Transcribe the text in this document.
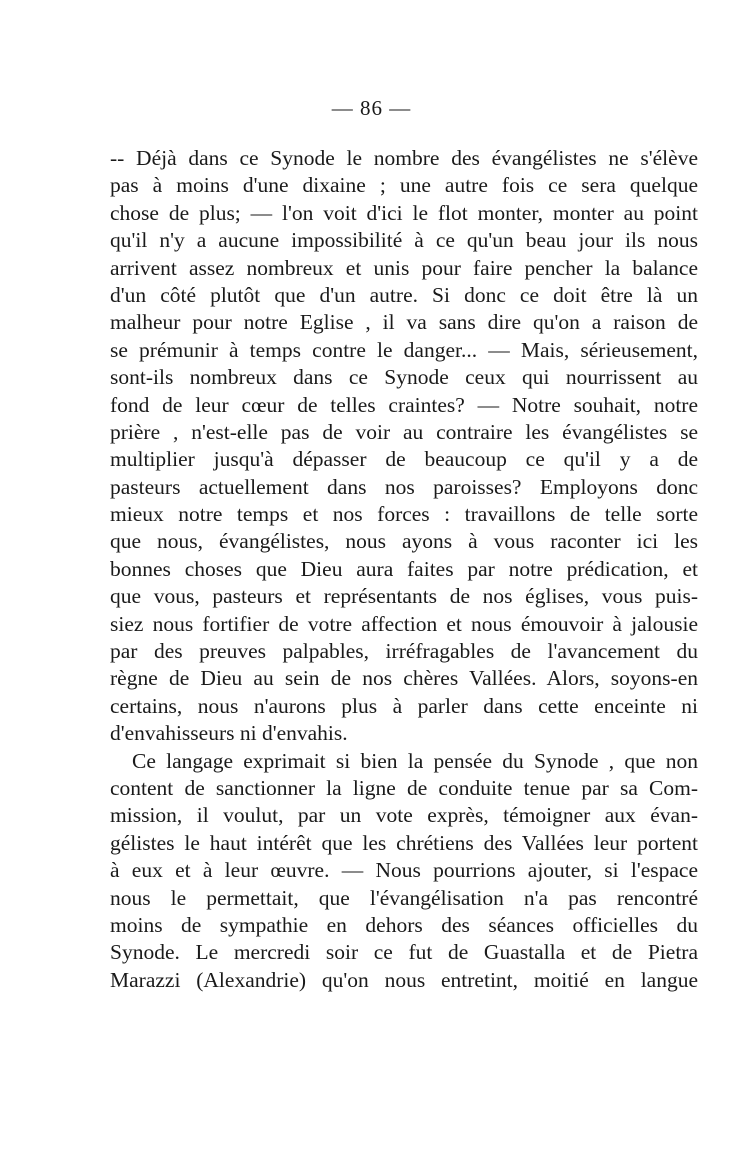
— 86 —
-- Déjà dans ce Synode le nombre des évangélistes ne s'élève
pas à moins d'une dixaine ; une autre fois ce sera quelque
chose de plus; — l'on voit d'ici le flot monter, monter au point
qu'il n'y a aucune impossibilité à ce qu'un beau jour ils nous
arrivent assez nombreux et unis pour faire pencher la balance
d'un côté plutôt que d'un autre. Si donc ce doit être là un
malheur pour notre Eglise , il va sans dire qu'on a raison de
se prémunir à temps contre le danger... — Mais, sérieusement,
sont-ils nombreux dans ce Synode ceux qui nourrissent au
fond de leur cœur de telles craintes? — Notre souhait, notre
prière , n'est-elle pas de voir au contraire les évangélistes se
multiplier jusqu'à dépasser de beaucoup ce qu'il y a de
pasteurs actuellement dans nos paroisses? Employons donc
mieux notre temps et nos forces : travaillons de telle sorte
que nous, évangélistes, nous ayons à vous raconter ici les
bonnes choses que Dieu aura faites par notre prédication, et
que vous, pasteurs et représentants de nos églises, vous puis-
siez nous fortifier de votre affection et nous émouvoir à jalousie
par des preuves palpables, irréfragables de l'avancement du
règne de Dieu au sein de nos chères Vallées. Alors, soyons-en
certains, nous n'aurons plus à parler dans cette enceinte ni
d'envahisseurs ni d'envahis.
Ce langage exprimait si bien la pensée du Synode , que non
content de sanctionner la ligne de conduite tenue par sa Com-
mission, il voulut, par un vote exprès, témoigner aux évan-
gélistes le haut intérêt que les chrétiens des Vallées leur portent
à eux et à leur œuvre. — Nous pourrions ajouter, si l'espace
nous le permettait, que l'évangélisation n'a pas rencontré
moins de sympathie en dehors des séances officielles du
Synode. Le mercredi soir ce fut de Guastalla et de Pietra
Marazzi (Alexandrie) qu'on nous entretint, moitié en langue
